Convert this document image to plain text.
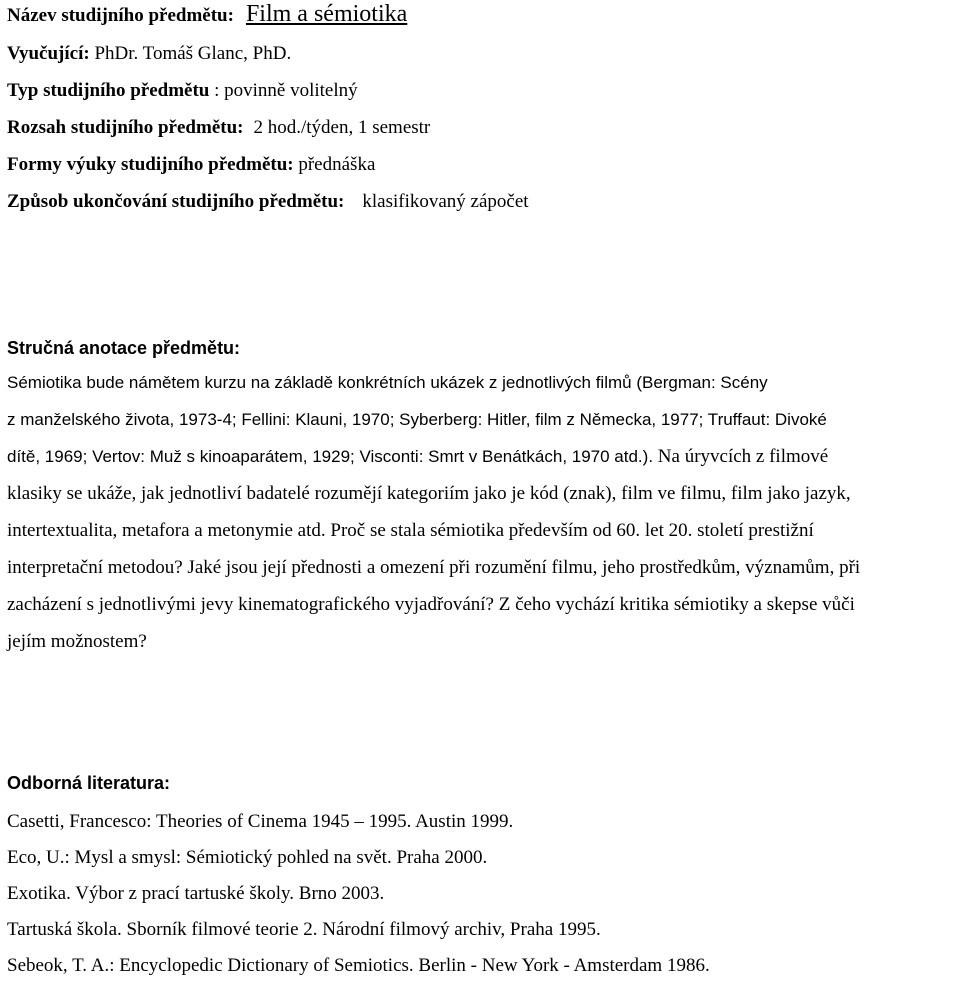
Název studijního předmětu: Film a sémiotika
Vyučující: PhDr. Tomáš Glanc, PhD.
Typ studijního předmětu : povinně volitelný
Rozsah studijního předmětu: 2 hod./týden, 1 semestr
Formy výuky studijního předmětu: přednáška
Způsob ukončování studijního předmětu: klasifikovaný zápočet
Stručná anotace předmětu:
Sémiotika bude námětem kurzu na základě konkrétních ukázek z jednotlivých filmů (Bergman: Scény
z manželského života, 1973-4; Fellini: Klauni, 1970; Syberberg: Hitler, film z Německa, 1977; Truffaut: Divoké
dítě, 1969; Vertov: Muž s kinoaparátem, 1929; Visconti: Smrt v Benátkách, 1970 atd.). Na úryvcích z filmové
klasiky se ukáže, jak jednotliví badatelé rozumějí kategoriím jako je kód (znak), film ve filmu, film jako jazyk,
intertextualita, metafora a metonymie atd. Proč se stala sémiotika především od 60. let 20. století prestižní
interpretační metodou? Jaké jsou její přednosti a omezení při rozumění filmu, jeho prostředkům, významům, při
zacházení s jednotlivými jevy kinematografického vyjadřování? Z čeho vychází kritika sémiotiky a skepse vůči
jejím možnostem?
Odborná literatura:
Casetti, Francesco: Theories of Cinema 1945 – 1995. Austin 1999.
Eco, U.: Mysl a smysl: Sémiotický pohled na svět. Praha 2000.
Exotika. Výbor z prací tartuské školy. Brno 2003.
Tartuská škola. Sborník filmové teorie 2. Národní filmový archiv, Praha 1995.
Sebeok, T. A.: Encyclopedic Dictionary of Semiotics. Berlin - New York - Amsterdam 1986.
